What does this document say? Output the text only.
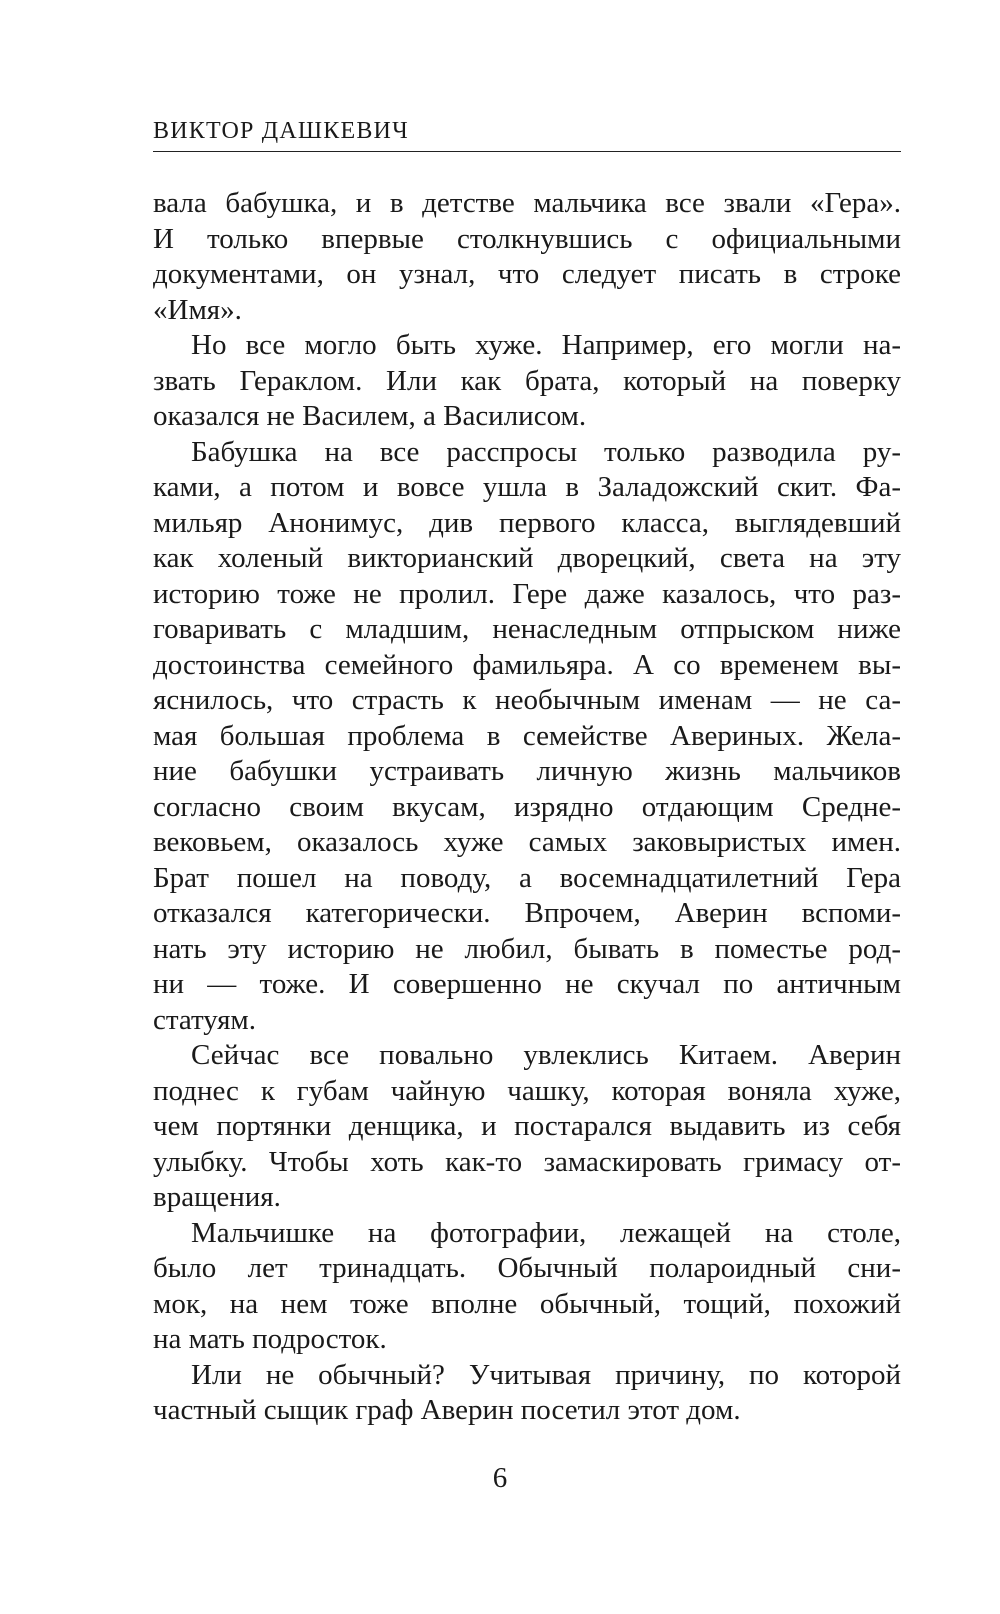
ВИКТОР ДАШКЕВИЧ
вала бабушка, и в детстве мальчика все звали «Гера».
И только впервые столкнувшись с официальными
документами, он узнал, что следует писать в строке
«Имя».
Но все могло быть хуже. Например, его могли на-
звать Гераклом. Или как брата, который на поверку
оказался не Василем, а Василисом.
Бабушка на все расспросы только разводила ру-
ками, а потом и вовсе ушла в Заладожский скит. Фа-
мильяр Анонимус, див первого класса, выглядевший
как холеный викторианский дворецкий, света на эту
историю тоже не пролил. Гере даже казалось, что раз-
говаривать с младшим, ненаследным отпрыском ниже
достоинства семейного фамильяра. А со временем вы-
яснилось, что страсть к необычным именам — не са-
мая большая проблема в семействе Авериных. Жела-
ние бабушки устраивать личную жизнь мальчиков
согласно своим вкусам, изрядно отдающим Средне-
вековьем, оказалось хуже самых заковыристых имен.
Брат пошел на поводу, а восемнадцатилетний Гера
отказался категорически. Впрочем, Аверин вспоми-
нать эту историю не любил, бывать в поместье род-
ни — тоже. И совершенно не скучал по античным
статуям.
Сейчас все повально увлеклись Китаем. Аверин
поднес к губам чайную чашку, которая воняла хуже,
чем портянки денщика, и постарался выдавить из себя
улыбку. Чтобы хоть как-то замаскировать гримасу от-
вращения.
Мальчишке на фотографии, лежащей на столе,
было лет тринадцать. Обычный полароидный сни-
мок, на нем тоже вполне обычный, тощий, похожий
на мать подросток.
Или не обычный? Учитывая причину, по которой
частный сыщик граф Аверин посетил этот дом.
6
